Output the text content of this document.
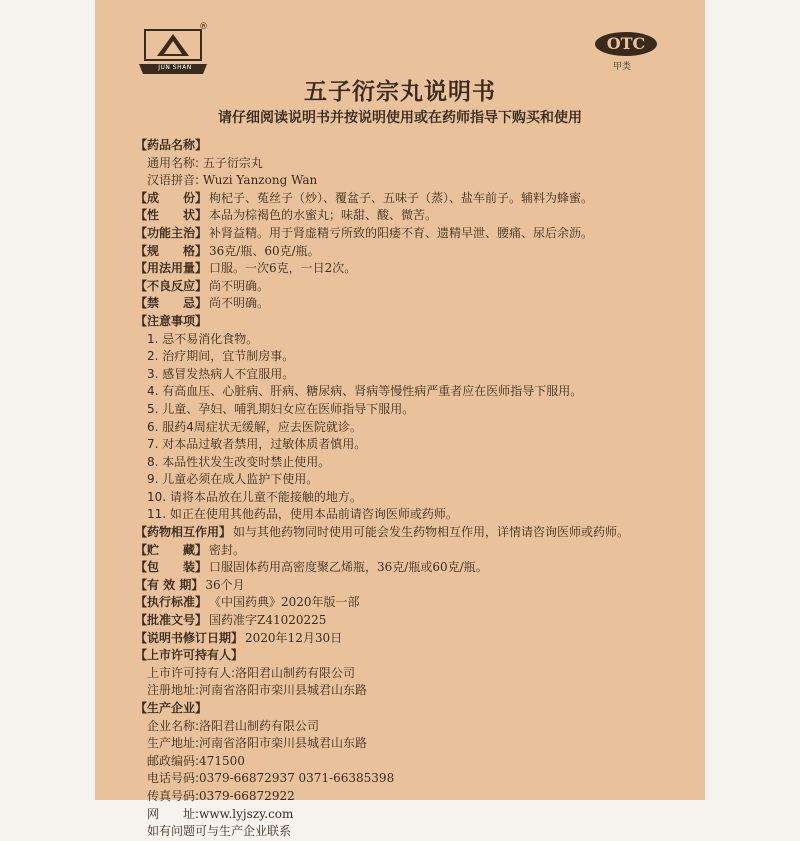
JUN SHAN
®
OTC
甲类
五子衍宗丸说明书
请仔细阅读说明书并按说明使用或在药师指导下购买和使用
【药品名称】
通用名称: 五子衍宗丸
汉语拼音: Wuzi Yanzong Wan
【成　　份】 枸杞子、菟丝子（炒）、覆盆子、五味子（蒸）、盐车前子。辅料为蜂蜜。
【性　　状】 本品为棕褐色的水蜜丸；味甜、酸、微苦。
【功能主治】 补肾益精。用于肾虚精亏所致的阳痿不育、遗精早泄、腰痛、尿后余沥。
【规　　格】 36克/瓶、60克/瓶。
【用法用量】 口服。一次6克，一日2次。
【不良反应】 尚不明确。
【禁　　忌】 尚不明确。
【注意事项】
1. 忌不易消化食物。
2. 治疗期间，宜节制房事。
3. 感冒发热病人不宜服用。
4. 有高血压、心脏病、肝病、糖尿病、肾病等慢性病严重者应在医师指导下服用。
5. 儿童、孕妇、哺乳期妇女应在医师指导下服用。
6. 服药4周症状无缓解，应去医院就诊。
7. 对本品过敏者禁用，过敏体质者慎用。
8. 本品性状发生改变时禁止使用。
9. 儿童必须在成人监护下使用。
10. 请将本品放在儿童不能接触的地方。
11. 如正在使用其他药品，使用本品前请咨询医师或药师。
【药物相互作用】 如与其他药物同时使用可能会发生药物相互作用，详情请咨询医师或药师。
【贮　　藏】 密封。
【包　　装】 口服固体药用高密度聚乙烯瓶，36克/瓶或60克/瓶。
【有 效 期】 36个月
【执行标准】 《中国药典》2020年版一部
【批准文号】 国药准字Z41020225
【说明书修订日期】 2020年12月30日
【上市许可持有人】
上市许可持有人:洛阳君山制药有限公司
注册地址:河南省洛阳市栾川县城君山东路
【生产企业】
企业名称:洛阳君山制药有限公司
生产地址:河南省洛阳市栾川县城君山东路
邮政编码:471500
电话号码:0379-66872937 0371-66385398
传真号码:0379-66872922
网　　址:www.lyjszy.com
如有问题可与生产企业联系
